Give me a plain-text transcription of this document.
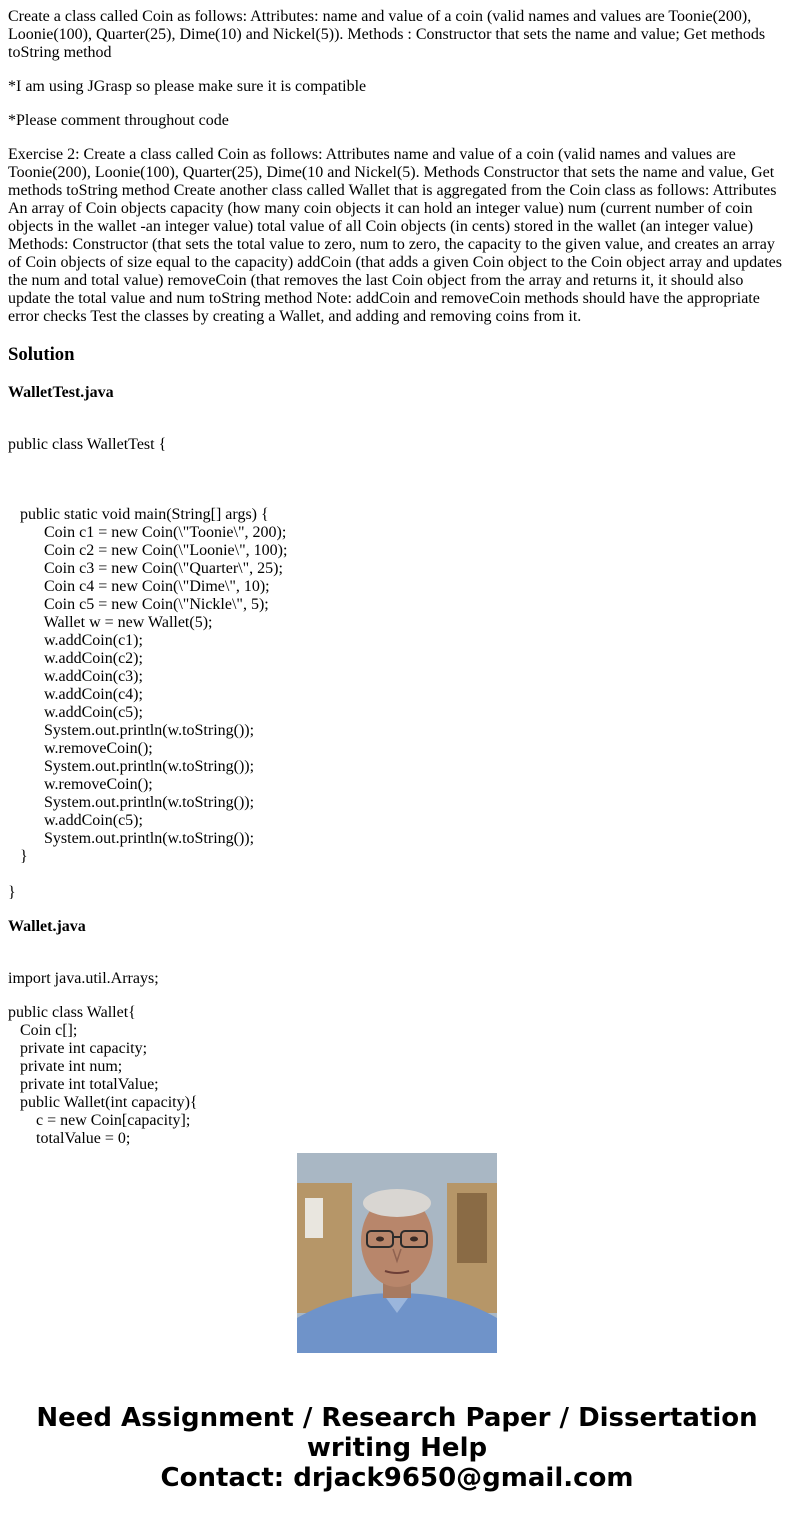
Create a class called Coin as follows: Attributes: name and value of a coin (valid names and values are Toonie(200), Loonie(100), Quarter(25), Dime(10) and Nickel(5)). Methods : Constructor that sets the name and value; Get methods toString method

*I am using JGrasp so please make sure it is compatible

*Please comment throughout code

Exercise 2: Create a class called Coin as follows: Attributes name and value of a coin (valid names and values are Toonie(200), Loonie(100), Quarter(25), Dime(10 and Nickel(5). Methods Constructor that sets the name and value, Get methods toString method Create another class called Wallet that is aggregated from the Coin class as follows: Attributes An array of Coin objects capacity (how many coin objects it can hold an integer value) num (current number of coin objects in the wallet -an integer value) total value of all Coin objects (in cents) stored in the wallet (an integer value) Methods: Constructor (that sets the total value to zero, num to zero, the capacity to the given value, and creates an array of Coin objects of size equal to the capacity) addCoin (that adds a given Coin object to the Coin object array and updates the num and total value) removeCoin (that removes the last Coin object from the array and returns it, it should also update the total value and num toString method Note: addCoin and removeCoin methods should have the appropriate error checks Test the classes by creating a Wallet, and adding and removing coins from it.

Solution

WalletTest.java

public class WalletTest {
public static void main(String[] args) {
Coin c1 = new Coin(\"Toonie\", 200);
Coin c2 = new Coin(\"Loonie\", 100);
Coin c3 = new Coin(\"Quarter\", 25);
Coin c4 = new Coin(\"Dime\", 10);
Coin c5 = new Coin(\"Nickle\", 5);
Wallet w = new Wallet(5);
w.addCoin(c1);
w.addCoin(c2);
w.addCoin(c3);
w.addCoin(c4);
w.addCoin(c5);
System.out.println(w.toString());
w.removeCoin();
System.out.println(w.toString());
w.removeCoin();
System.out.println(w.toString());
w.addCoin(c5);
System.out.println(w.toString());
}
}

Wallet.java

import java.util.Arrays;
public class Wallet{
Coin c[];
private int capacity;
private int num;
private int totalValue;
public Wallet(int capacity){
c = new Coin[capacity];
totalValue = 0;
Need Assignment / Research Paper / Dissertation writing Help
Contact: drjack9650@gmail.com
